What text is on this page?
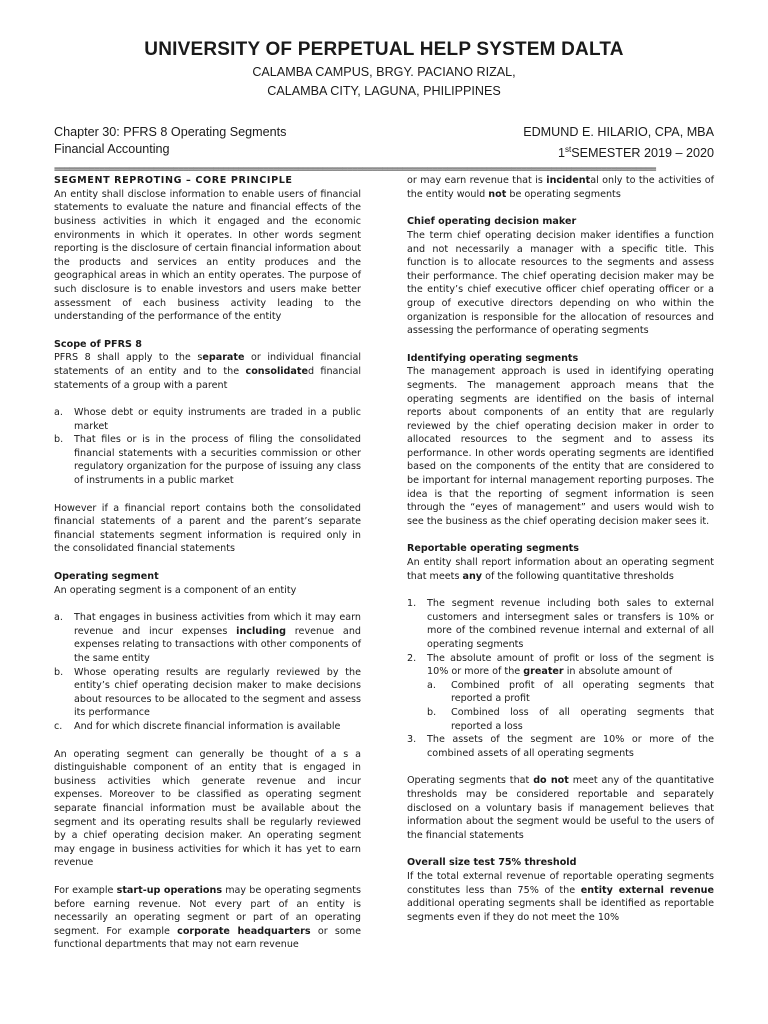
UNIVERSITY OF PERPETUAL HELP SYSTEM DALTA

CALAMBA CAMPUS, BRGY. PACIANO RIZAL,

CALAMBA CITY, LAGUNA, PHILIPPINES

Chapter 30: PFRS 8 Operating Segments
Financial Accounting
EDMUND E. HILARIO, CPA, MBA
1stSEMESTER 2019 – 2020
=========================================================================================================================
SEGMENT REPROTING – CORE PRINCIPLE

An entity shall disclose information to enable users of financial statements to evaluate the nature and financial effects of the business activities in which it engaged and the economic environments in which it operates. In other words segment reporting is the disclosure of certain financial information about the products and services an entity produces and the geographical areas in which an entity operates. The purpose of such disclosure is to enable investors and users make better assessment of each business activity leading to the understanding of the performance of the entity

Scope of PFRS 8

PFRS 8 shall apply to the separate or individual financial statements of an entity and to the consolidated financial statements of a group with a parent

a.	Whose debt or equity instruments are traded in a public market
b.	That files or is in the process of filing the consolidated financial statements with a securities commission or other regulatory organization for the purpose of issuing any class of instruments in a public market

However if a financial report contains both the consolidated financial statements of a parent and the parent’s separate financial statements segment information is required only in the consolidated financial statements

Operating segment

An operating segment is a component of an entity

a.	That engages in business activities from which it may earn revenue and incur expenses including revenue and expenses relating to transactions with other components of the same entity
b.	Whose operating results are regularly reviewed by the entity’s chief operating decision maker to make decisions about resources to be allocated to the segment and assess its performance
c.	And for which discrete financial information is available

An operating segment can generally be thought of a s a distinguishable component of an entity that is engaged in business activities which generate revenue and incur expenses. Moreover to be classified as operating segment separate financial information must be available about the segment and its operating results shall be regularly reviewed by a chief operating decision maker. An operating segment may engage in business activities for which it has yet to earn revenue

For example start-up operations may be operating segments before earning revenue. Not every part of an entity is necessarily an operating segment or part of an operating segment. For example corporate headquarters or some functional departments that may not earn revenue

or may earn revenue that is incidental only to the activities of the entity would not be operating segments

Chief operating decision maker

The term chief operating decision maker identifies a function and not necessarily a manager with a specific title. This function is to allocate resources to the segments and assess their performance. The chief operating decision maker may be the entity’s chief executive officer chief operating officer or a group of executive directors depending on who within the organization is responsible for the allocation of resources and assessing the performance of operating segments

Identifying operating segments

The management approach is used in identifying operating segments. The management approach means that the operating segments are identified on the basis of internal reports about components of an entity that are regularly reviewed by the chief operating decision maker in order to allocated resources to the segment and to assess its performance. In other words operating segments are identified based on the components of the entity that are considered to be important for internal management reporting purposes. The idea is that the reporting of segment information is seen through the “eyes of management” and users would wish to see the business as the chief operating decision maker sees it.

Reportable operating segments

An entity shall report information about an operating segment that meets any of the following quantitative thresholds

1.	The segment revenue including both sales to external customers and intersegment sales or transfers is 10% or more of the combined revenue internal and external of all operating segments
2.	The absolute amount of profit or loss of the segment is 10% or more of the greater in absolute amount of
a.	Combined profit of all operating segments that reported a profit
b.	Combined loss of all operating segments that reported a loss
3.	The assets of the segment are 10% or more of the combined assets of all operating segments

Operating segments that do not meet any of the quantitative thresholds may be considered reportable and separately disclosed on a voluntary basis if management believes that information about the segment would be useful to the users of the financial statements

Overall size test 75% threshold

If the total external revenue of reportable operating segments constitutes less than 75% of the entity external revenue additional operating segments shall be identified as reportable segments even if they do not meet the 10%
